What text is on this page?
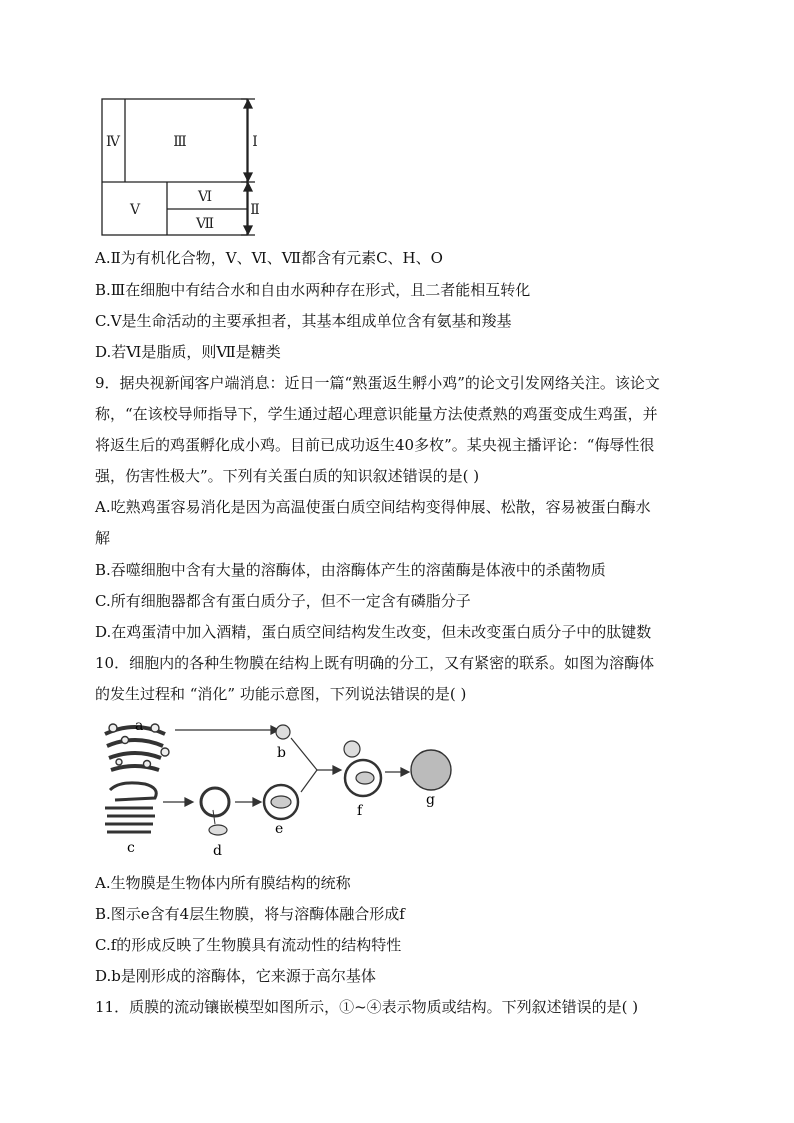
Ⅳ	Ⅲ	Ⅰ
Ⅴ
Ⅵ
Ⅶ
Ⅱ
A.Ⅱ为有机化合物，Ⅴ、Ⅵ、Ⅶ都含有元素C、H、O
B.Ⅲ在细胞中有结合水和自由水两种存在形式，且二者能相互转化
C.Ⅴ是生命活动的主要承担者，其基本组成单位含有氨基和羧基
D.若Ⅵ是脂质，则Ⅶ是糖类
9．据央视新闻客户端消息：近日一篇“熟蛋返生孵小鸡”的论文引发网络关注。该论文
称，“在该校导师指导下，学生通过超心理意识能量方法使煮熟的鸡蛋变成生鸡蛋，并
将返生后的鸡蛋孵化成小鸡。目前已成功返生40多枚”。某央视主播评论：“侮辱性很
强，伤害性极大”。下列有关蛋白质的知识叙述错误的是( )
A.吃熟鸡蛋容易消化是因为高温使蛋白质空间结构变得伸展、松散，容易被蛋白酶水
解
B.吞噬细胞中含有大量的溶酶体，由溶酶体产生的溶菌酶是体液中的杀菌物质
C.所有细胞器都含有蛋白质分子，但不一定含有磷脂分子
D.在鸡蛋清中加入酒精，蛋白质空间结构发生改变，但未改变蛋白质分子中的肽键数
10．细胞内的各种生物膜在结构上既有明确的分工，又有紧密的联系。如图为溶酶体
的发生过程和 “消化” 功能示意图，下列说法错误的是( )
a
b
c	d
e
f
g
A.生物膜是生物体内所有膜结构的统称
B.图示e含有4层生物膜，将与溶酶体融合形成f
C.f的形成反映了生物膜具有流动性的结构特性
D.b是刚形成的溶酶体，它来源于高尔基体
11．质膜的流动镶嵌模型如图所示，①~④表示物质或结构。下列叙述错误的是( )
